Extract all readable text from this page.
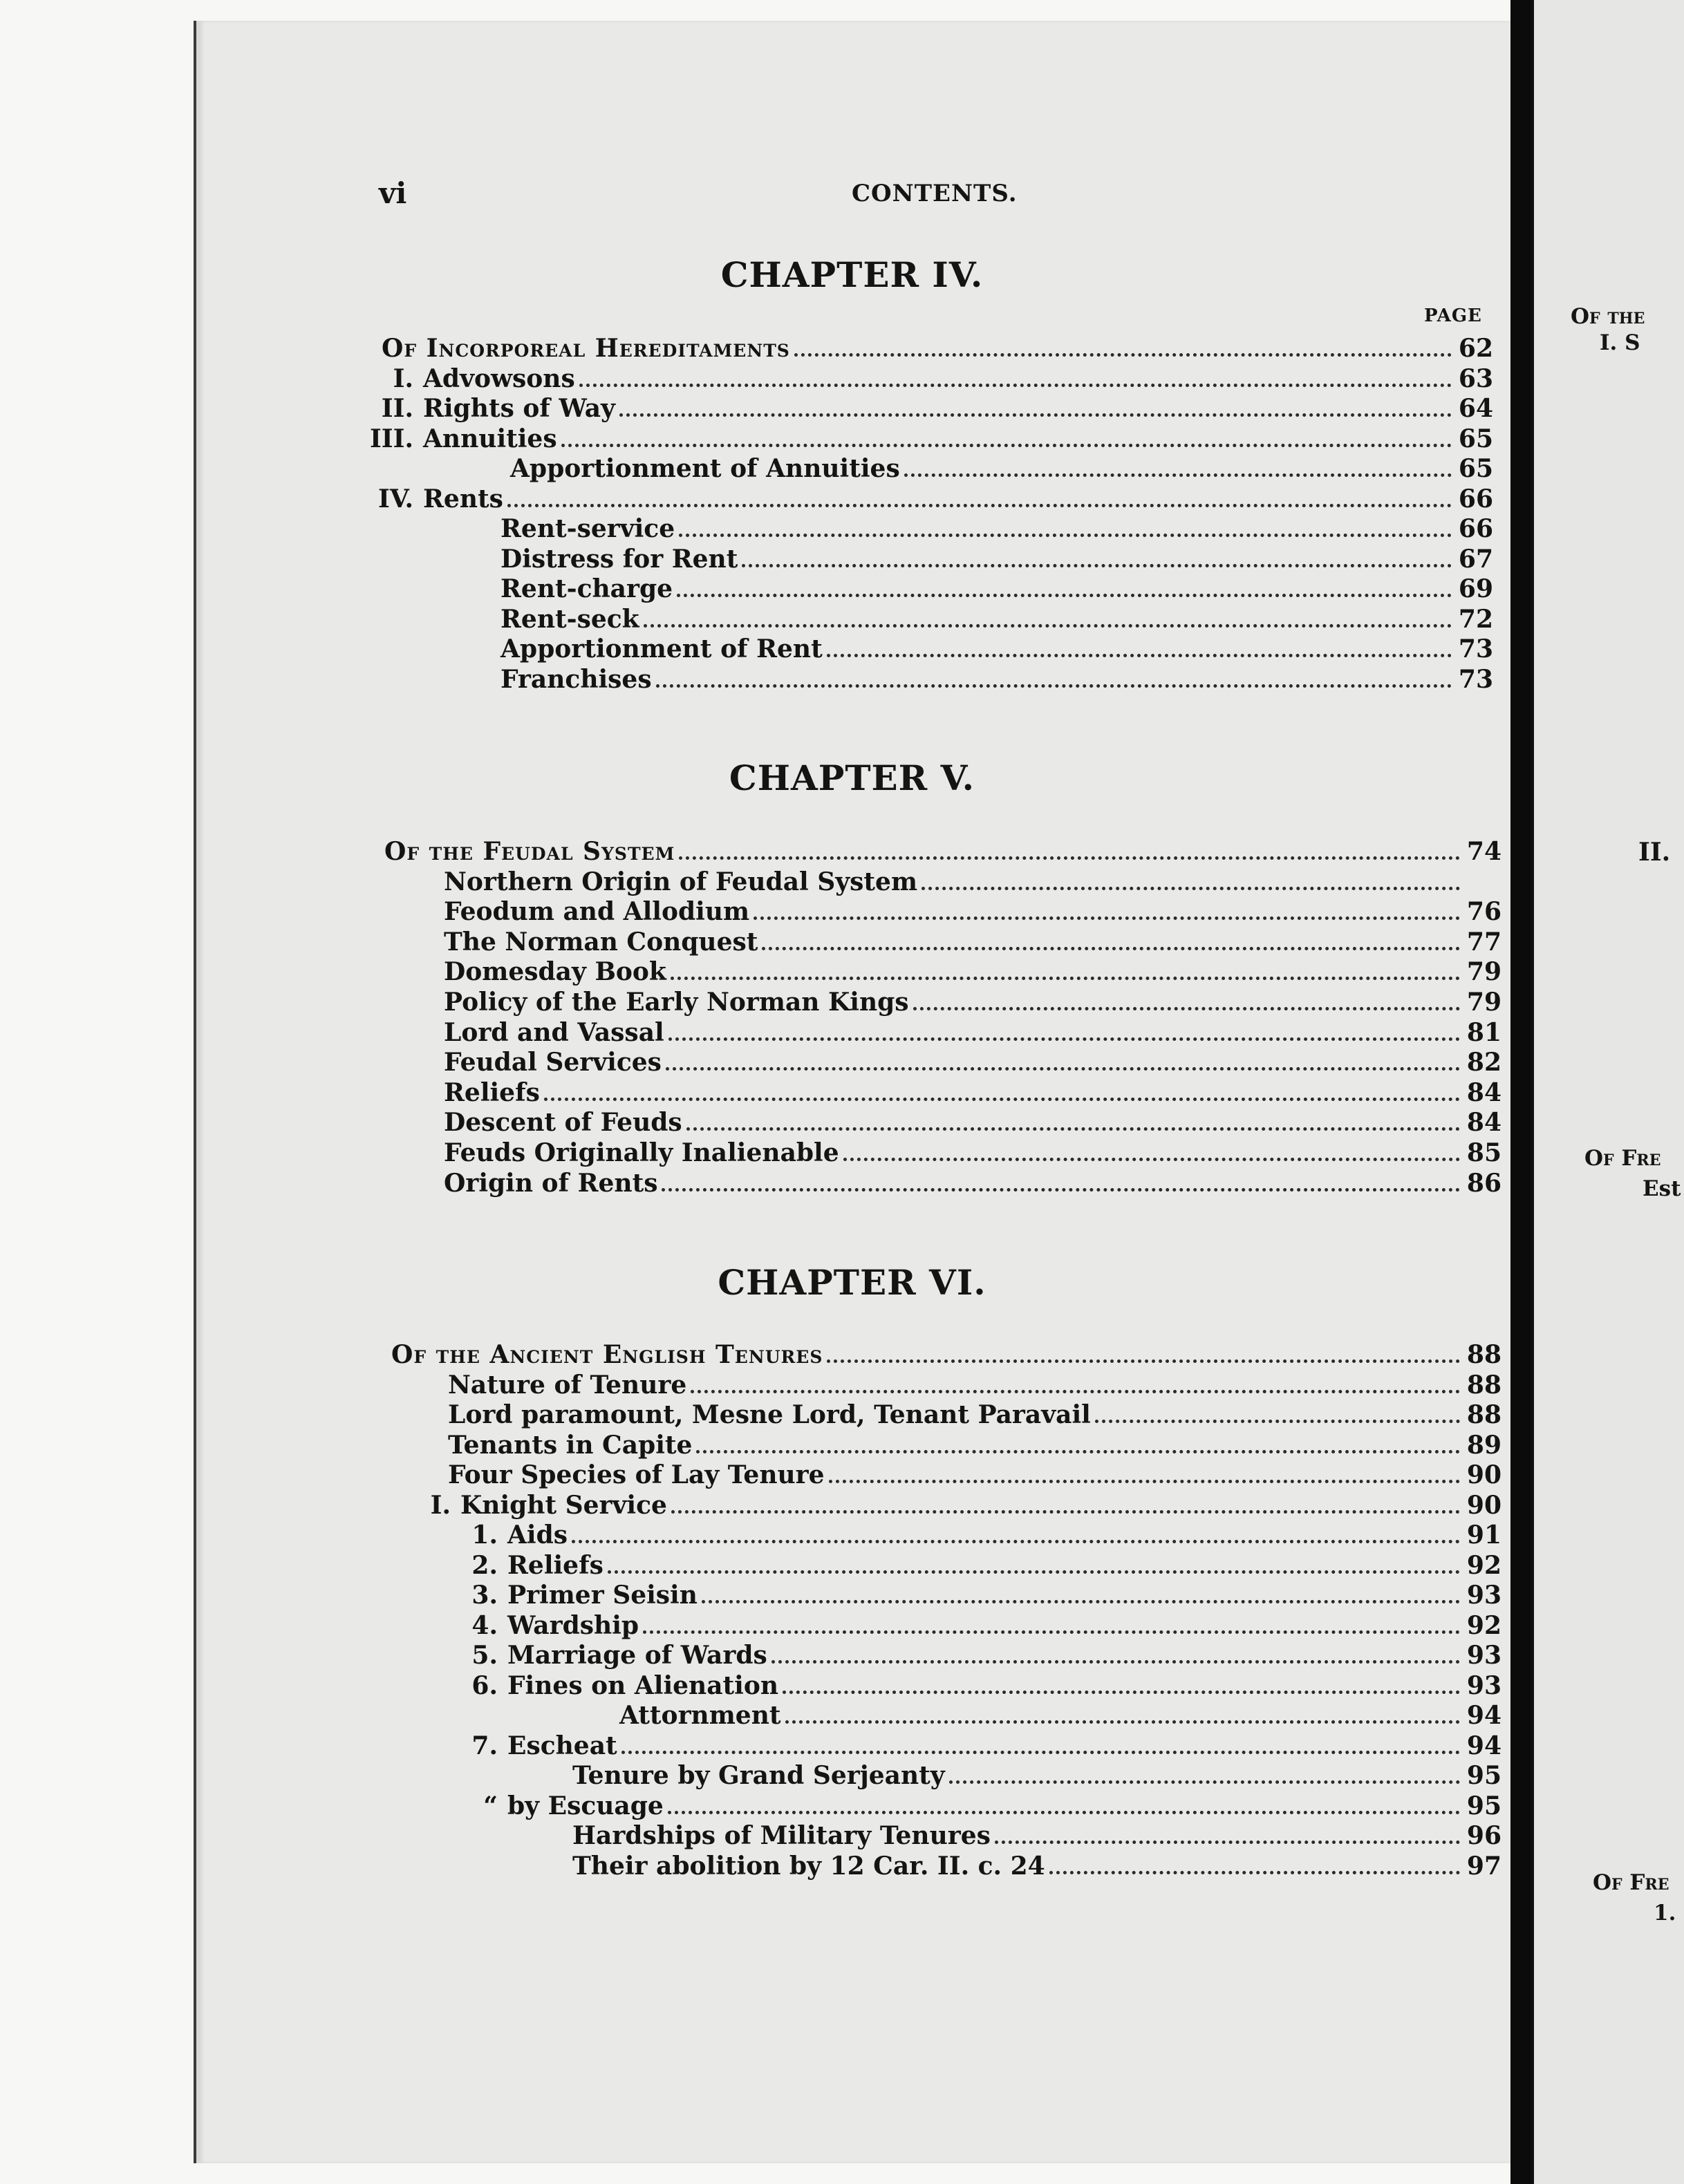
vi	CONTENTS.
CHAPTER IV.
PAGE
CHAPTER V.
CHAPTER VI.
Of Incorporeal Hereditaments	62
I. Advowsons	63
II. Rights of Way	64
III. Annuities	65
Apportionment of Annuities	65
IV. Rents	66
Rent-service	66
Distress for Rent	67
Rent-charge	69
Rent-seck	72
Apportionment of Rent	73
Franchises	73
Of the Feudal System	74
Northern Origin of Feudal System
Feodum and Allodium	76
The Norman Conquest	77
Domesday Book	79
Policy of the Early Norman Kings	79
Lord and Vassal	81
Feudal Services	82
Reliefs	84
Descent of Feuds	84
Feuds Originally Inalienable	85
Origin of Rents	86
Of the Ancient English Tenures	88
Nature of Tenure	88
Lord paramount, Mesne Lord, Tenant Paravail	88
Tenants in Capite	89
Four Species of Lay Tenure	90
I. Knight Service	90
1. Aids	91
2. Reliefs	92
3. Primer Seisin	93
4. Wardship	92
5. Marriage of Wards	93
6. Fines on Alienation	93
Attornment	94
7. Escheat	94
Tenure by Grand Serjeanty	95
“ by Escuage	95
Hardships of Military Tenures	96
Their abolition by 12 Car. II. c. 24	97
Of the
I. S
II.
Of Fre
Est
Of Fre
1.
